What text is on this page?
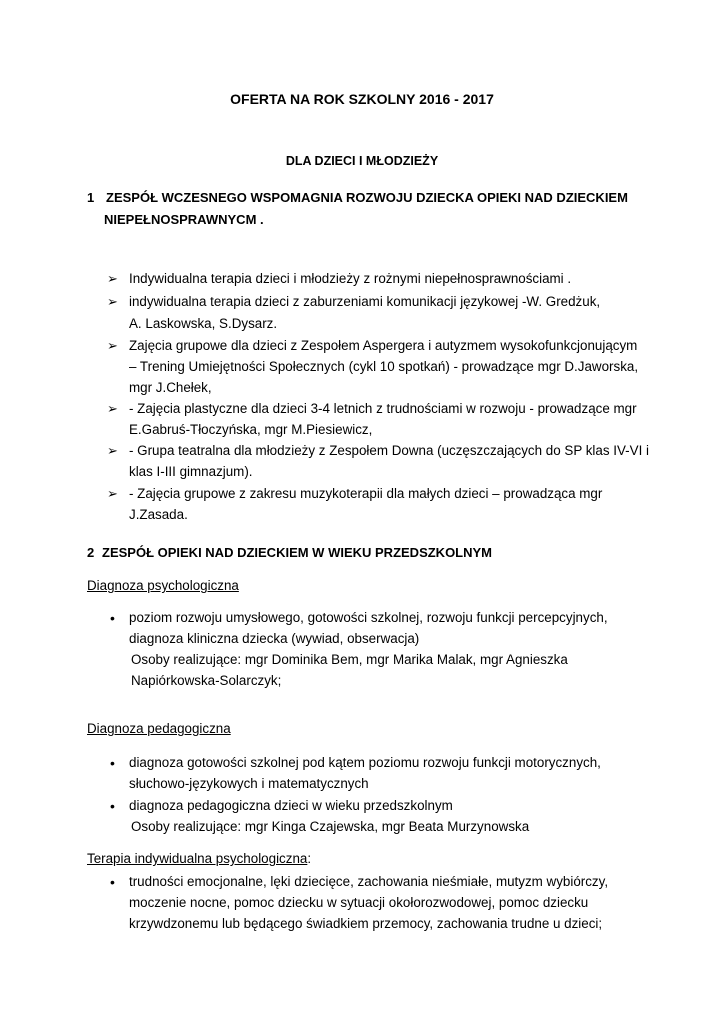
OFERTA NA ROK SZKOLNY 2016 - 2017
DLA DZIECI I MŁODZIEŻY
1 ZESPÓŁ WCZESNEGO WSPOMAGNIA ROZWOJU DZIECKA OPIEKI NAD DZIECKIEM
NIEPEŁNOSPRAWNYCM .
➢ Indywidualna terapia dzieci i młodzieży z rożnymi niepełnosprawnościami .
➢ indywidualna terapia dzieci z zaburzeniami komunikacji językowej -W. Gredżuk,
A. Laskowska, S.Dysarz.
➢ Zajęcia grupowe dla dzieci z Zespołem Aspergera i autyzmem wysokofunkcjonującym
– Trening Umiejętności Społecznych (cykl 10 spotkań) - prowadzące mgr D.Jaworska,
mgr J.Chełek,
➢ - Zajęcia plastyczne dla dzieci 3-4 letnich z trudnościami w rozwoju - prowadzące mgr
E.Gabruś-Tłoczyńska, mgr M.Piesiewicz,
➢ - Grupa teatralna dla młodzieży z Zespołem Downa (uczęszczających do SP klas IV-VI i
klas I-III gimnazjum).
➢ - Zajęcia grupowe z zakresu muzykoterapii dla małych dzieci – prowadząca mgr
J.Zasada.
2 ZESPÓŁ OPIEKI NAD DZIECKIEM W WIEKU PRZEDSZKOLNYM
Diagnoza psychologiczna
• poziom rozwoju umysłowego, gotowości szkolnej, rozwoju funkcji percepcyjnych,
diagnoza kliniczna dziecka (wywiad, obserwacja)
Osoby realizujące: mgr Dominika Bem, mgr Marika Malak, mgr Agnieszka
Napiórkowska-Solarczyk;
Diagnoza pedagogiczna
• diagnoza gotowości szkolnej pod kątem poziomu rozwoju funkcji motorycznych,
słuchowo-językowych i matematycznych
• diagnoza pedagogiczna dzieci w wieku przedszkolnym
Osoby realizujące: mgr Kinga Czajewska, mgr Beata Murzynowska
Terapia indywidualna psychologiczna:
• trudności emocjonalne, lęki dziecięce, zachowania nieśmiałe, mutyzm wybiórczy,
moczenie nocne, pomoc dziecku w sytuacji okołorozwodowej, pomoc dziecku
krzywdzonemu lub będącego świadkiem przemocy, zachowania trudne u dzieci;
